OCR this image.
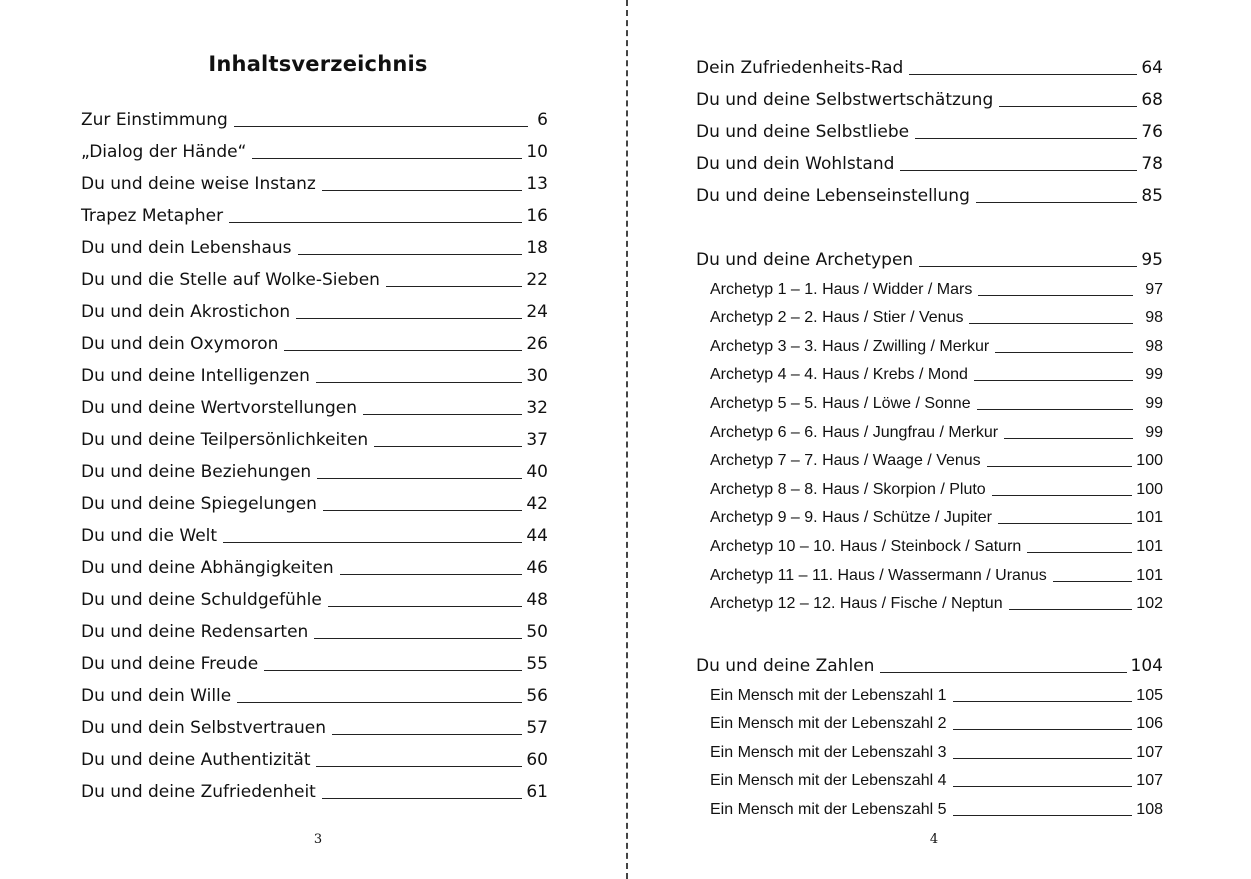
Inhaltsverzeichnis
Zur Einstimmung	6
„Dialog der Hände“	10
Du und deine weise Instanz	13
Trapez Metapher	16
Du und dein Lebenshaus	18
Du und die Stelle auf Wolke-Sieben	22
Du und dein Akrostichon	24
Du und dein Oxymoron	26
Du und deine Intelligenzen	30
Du und deine Wertvorstellungen	32
Du und deine Teilpersönlichkeiten	37
Du und deine Beziehungen	40
Du und deine Spiegelungen	42
Du und die Welt	44
Du und deine Abhängigkeiten	46
Du und deine Schuldgefühle	48
Du und deine Redensarten	50
Du und deine Freude	55
Du und dein Wille	56
Du und dein Selbstvertrauen	57
Du und deine Authentizität	60
Du und deine Zufriedenheit	61
3
Dein Zufriedenheits-Rad	64
Du und deine Selbstwertschätzung	68
Du und deine Selbstliebe	76
Du und dein Wohlstand	78
Du und deine Lebenseinstellung	85
Du und deine Archetypen	95
Archetyp 1 – 1. Haus / Widder / Mars	97
Archetyp 2 – 2. Haus / Stier / Venus	98
Archetyp 3 – 3. Haus / Zwilling / Merkur	98
Archetyp 4 – 4. Haus / Krebs / Mond	99
Archetyp 5 – 5. Haus / Löwe / Sonne	99
Archetyp 6 – 6. Haus / Jungfrau / Merkur	99
Archetyp 7 – 7. Haus / Waage / Venus	100
Archetyp 8 – 8. Haus / Skorpion / Pluto	100
Archetyp 9 – 9. Haus / Schütze / Jupiter	101
Archetyp 10 – 10. Haus / Steinbock / Saturn	101
Archetyp 11 – 11. Haus / Wassermann / Uranus	101
Archetyp 12 – 12. Haus / Fische / Neptun	102
Du und deine Zahlen	104
Ein Mensch mit der Lebenszahl 1	105
Ein Mensch mit der Lebenszahl 2	106
Ein Mensch mit der Lebenszahl 3	107
Ein Mensch mit der Lebenszahl 4	107
Ein Mensch mit der Lebenszahl 5	108
4
